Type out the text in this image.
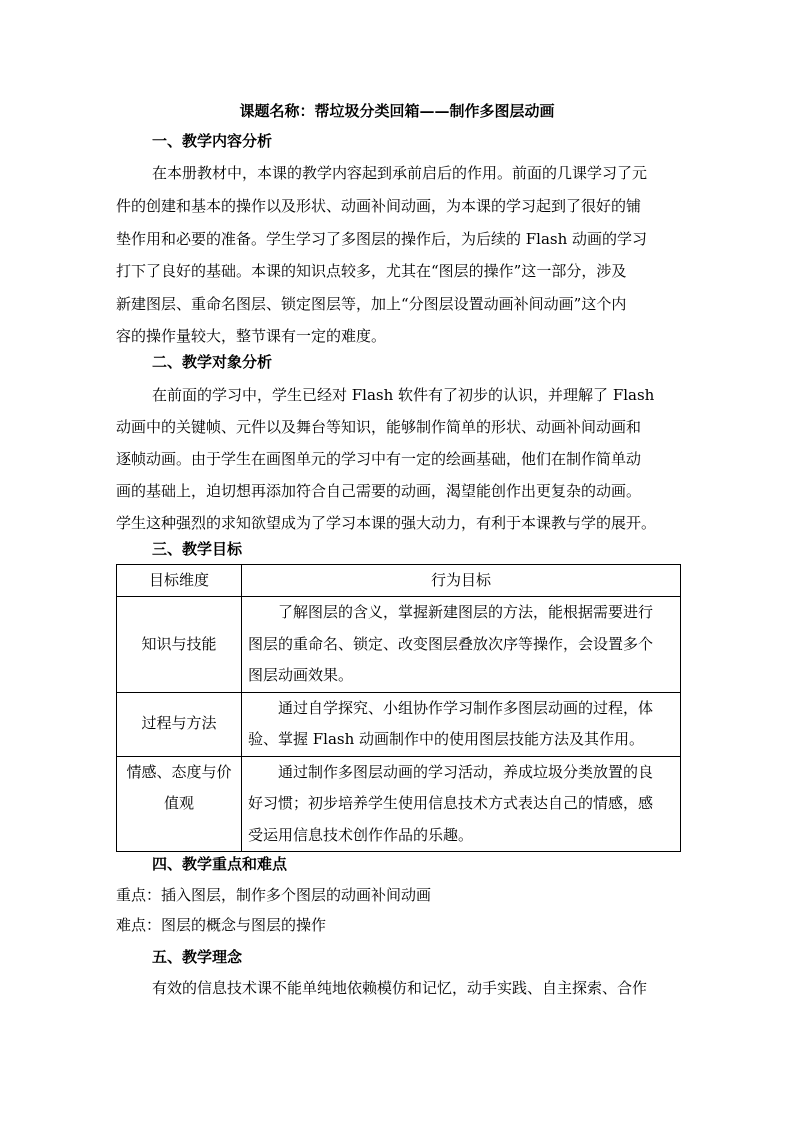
课题名称：帮垃圾分类回箱——制作多图层动画
一、教学内容分析
在本册教材中，本课的教学内容起到承前启后的作用。前面的几课学习了元
件的创建和基本的操作以及形状、动画补间动画，为本课的学习起到了很好的铺
垫作用和必要的准备。学生学习了多图层的操作后，为后续的 Flash 动画的学习
打下了良好的基础。本课的知识点较多，尤其在“图层的操作”这一部分，涉及
新建图层、重命名图层、锁定图层等，加上“分图层设置动画补间动画”这个内
容的操作量较大，整节课有一定的难度。
二、教学对象分析
在前面的学习中，学生已经对 Flash 软件有了初步的认识，并理解了 Flash
动画中的关键帧、元件以及舞台等知识，能够制作简单的形状、动画补间动画和
逐帧动画。由于学生在画图单元的学习中有一定的绘画基础，他们在制作简单动
画的基础上，迫切想再添加符合自己需要的动画，渴望能创作出更复杂的动画。
学生这种强烈的求知欲望成为了学习本课的强大动力，有利于本课教与学的展开。
三、教学目标
目标维度	行为目标

知识与技能	了解图层的含义，掌握新建图层的方法，能根据需要进行
图层的重命名、锁定、改变图层叠放次序等操作，会设置多个
图层动画效果。

过程与方法	通过自学探究、小组协作学习制作多图层动画的过程，体
验、掌握 Flash 动画制作中的使用图层技能方法及其作用。

情感、态度与价
值观	通过制作多图层动画的学习活动，养成垃圾分类放置的良
好习惯；初步培养学生使用信息技术方式表达自己的情感，感
受运用信息技术创作作品的乐趣。
四、教学重点和难点
重点：插入图层，制作多个图层的动画补间动画
难点：图层的概念与图层的操作
五、教学理念
有效的信息技术课不能单纯地依赖模仿和记忆，动手实践、自主探索、合作
